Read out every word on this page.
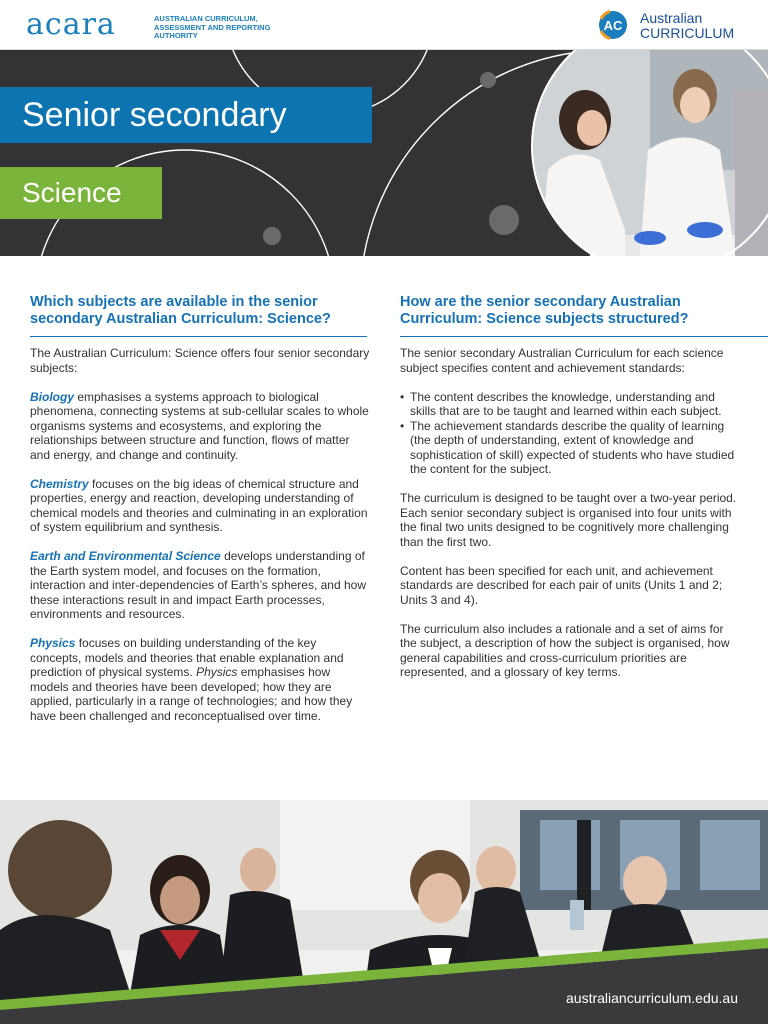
acara	AUSTRALIAN CURRICULUM, ASSESSMENT AND REPORTING AUTHORITY
AC Australian
CURRICULUM
Senior secondary
Science
Which subjects are available in the senior secondary Australian Curriculum: Science?

The Australian Curriculum: Science offers four senior secondary subjects:

Biology emphasises a systems approach to biological phenomena, connecting systems at sub-cellular scales to whole organisms systems and ecosystems, and exploring the relationships between structure and function, flows of matter and energy, and change and continuity.

Chemistry focuses on the big ideas of chemical structure and properties, energy and reaction, developing understanding of chemical models and theories and culminating in an exploration of system equilibrium and synthesis.

Earth and Environmental Science develops understanding of the Earth system model, and focuses on the formation, interaction and inter-dependencies of Earth’s spheres, and how these interactions result in and impact Earth processes, environments and resources.

Physics focuses on building understanding of the key concepts, models and theories that enable explanation and prediction of physical systems. Physics emphasises how models and theories have been developed; how they are applied, particularly in a range of technologies; and how they have been challenged and reconceptualised over time.

How are the senior secondary Australian Curriculum: Science subjects structured?

The senior secondary Australian Curriculum for each science subject specifies content and achievement standards:

• The content describes the knowledge, understanding and skills that are to be taught and learned within each subject.
• The achievement standards describe the quality of learning (the depth of understanding, extent of knowledge and sophistication of skill) expected of students who have studied the content for the subject.

The curriculum is designed to be taught over a two-year period. Each senior secondary subject is organised into four units with the final two units designed to be cognitively more challenging than the first two.

Content has been specified for each unit, and achievement standards are described for each pair of units (Units 1 and 2; Units 3 and 4).

The curriculum also includes a rationale and a set of aims for the subject, a description of how the subject is organised, how general capabilities and cross-curriculum priorities are represented, and a glossary of key terms.

australiancurriculum.edu.au
